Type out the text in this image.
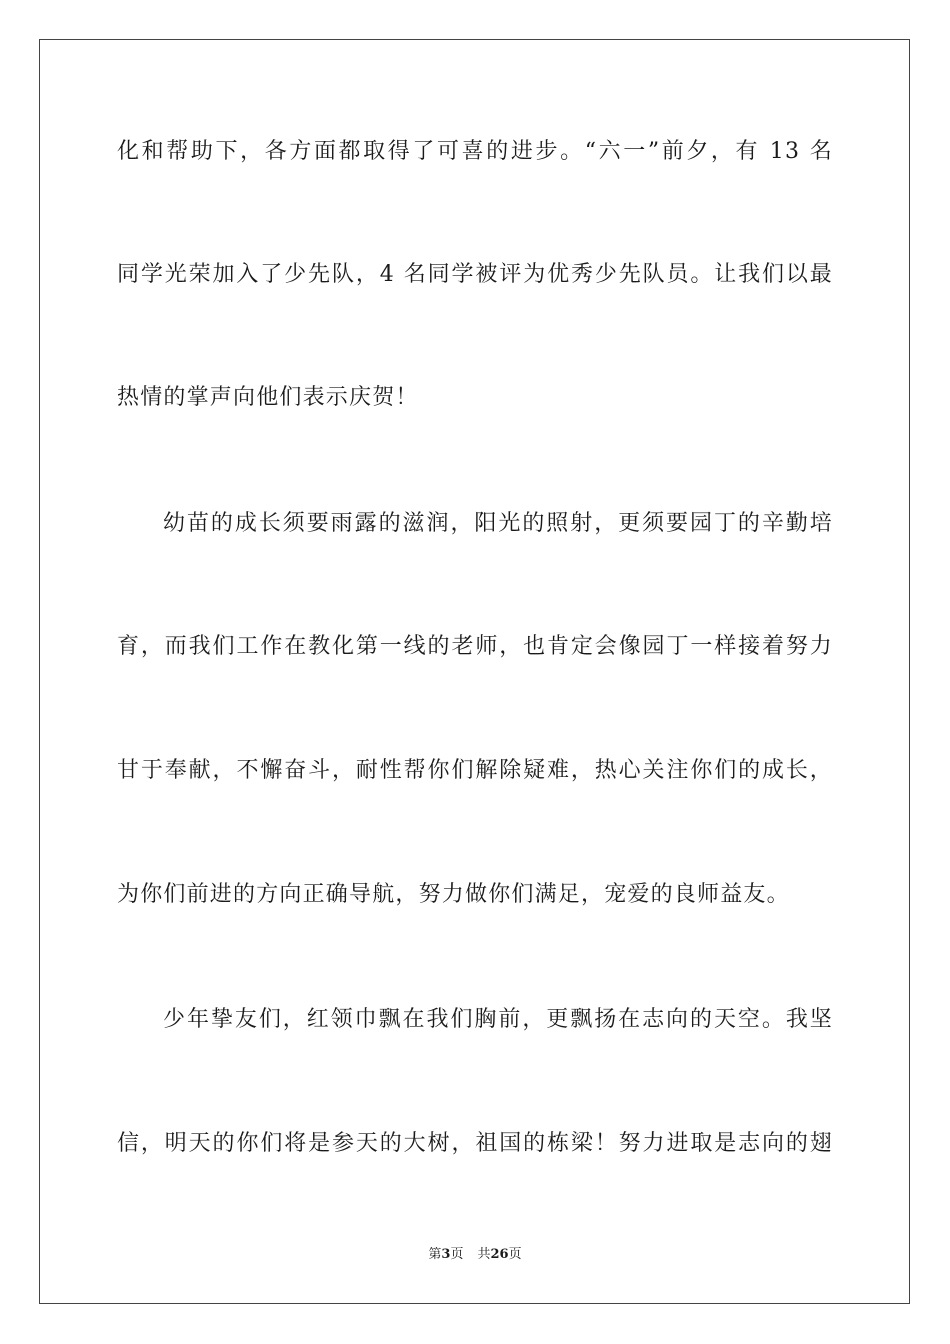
化和帮助下，各方面都取得了可喜的进步。“六一”前夕，有 13 名
同学光荣加入了少先队，4 名同学被评为优秀少先队员。让我们以最
热情的掌声向他们表示庆贺！
幼苗的成长须要雨露的滋润，阳光的照射，更须要园丁的辛勤培
育，而我们工作在教化第一线的老师，也肯定会像园丁一样接着努力
甘于奉献，不懈奋斗，耐性帮你们解除疑难，热心关注你们的成长，
为你们前进的方向正确导航，努力做你们满足，宠爱的良师益友。
少年挚友们，红领巾飘在我们胸前，更飘扬在志向的天空。我坚
信，明天的你们将是参天的大树，祖国的栋梁！努力进取是志向的翅
第3页 共26页
